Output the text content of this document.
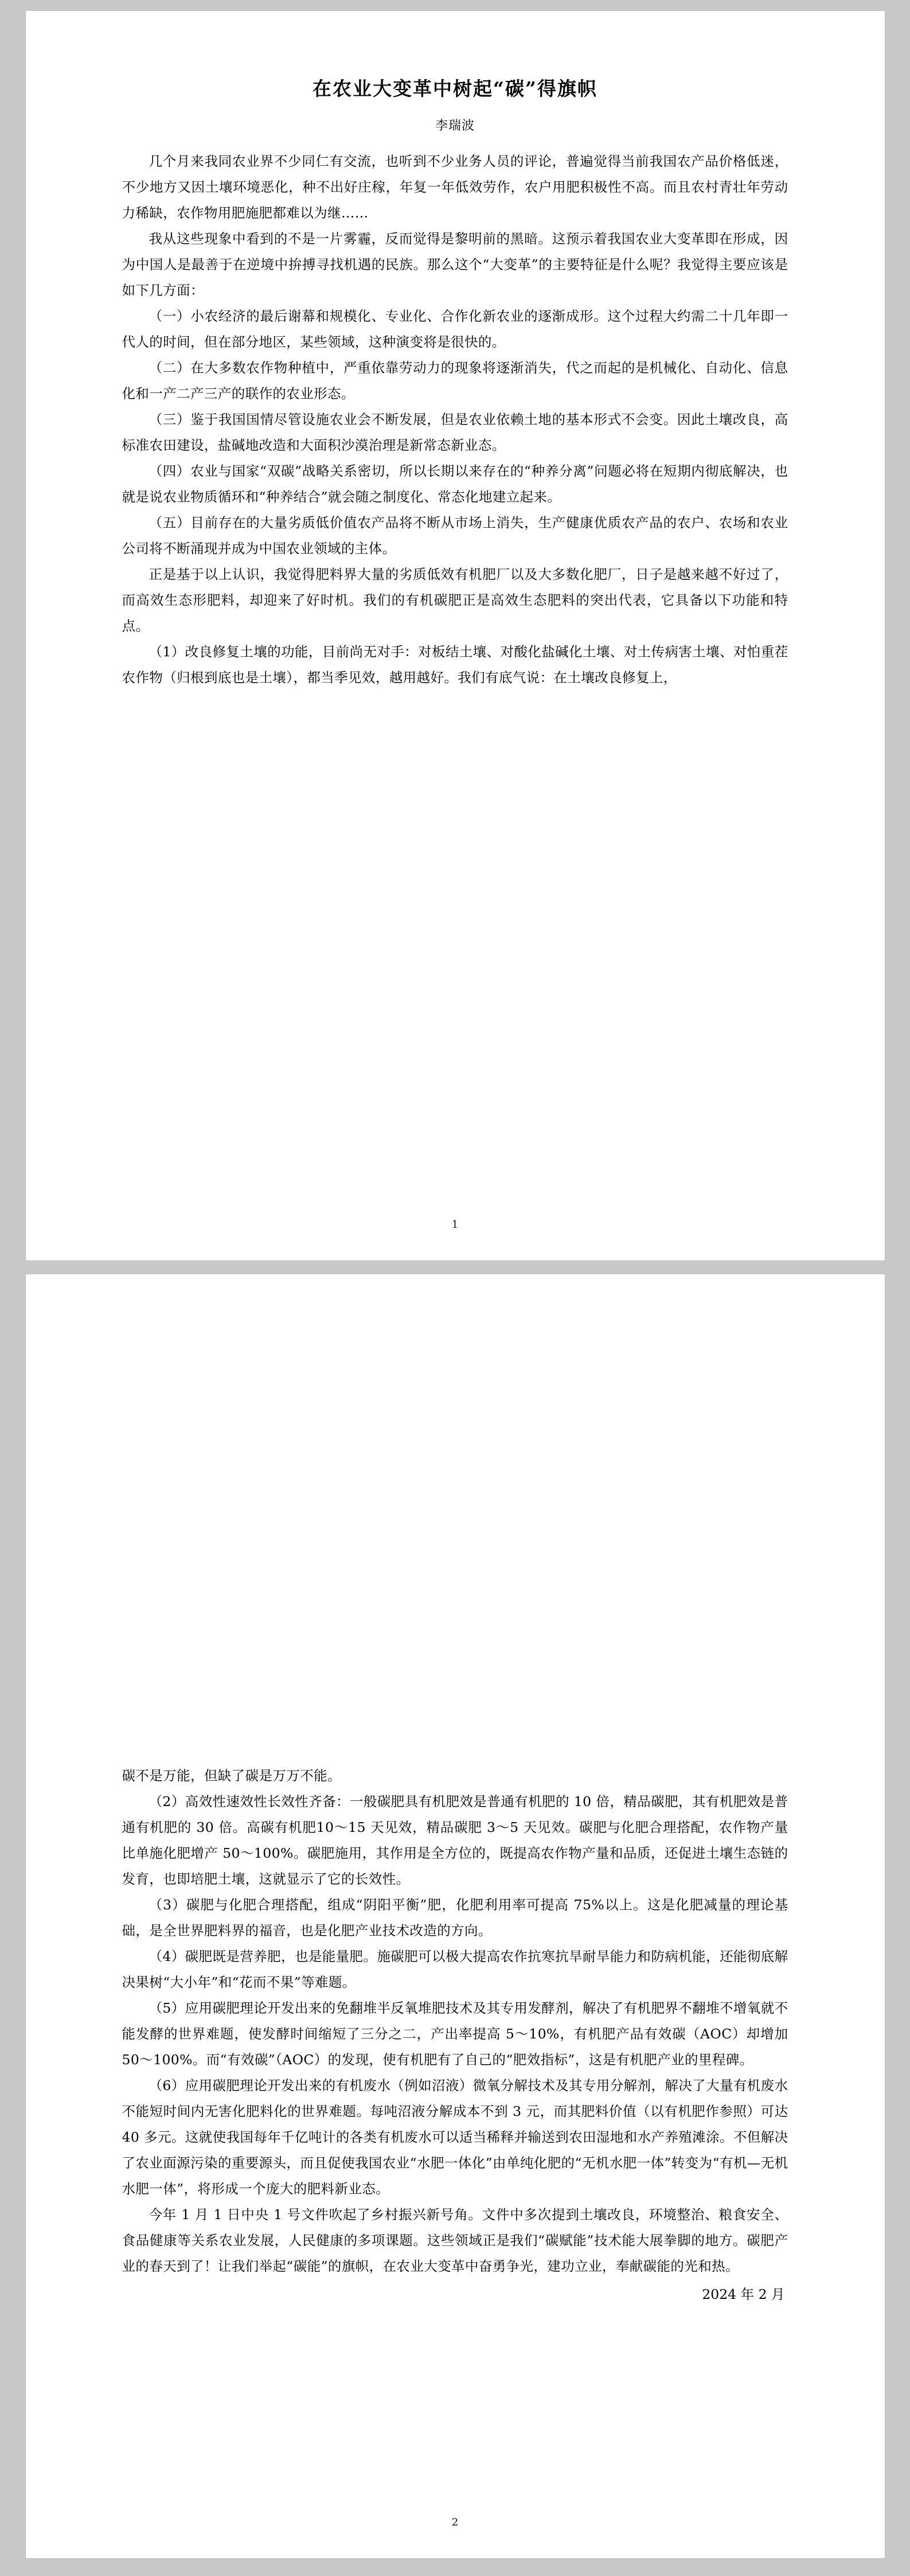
在农业大变革中树起“碳”得旗帜
李瑞波

几个月来我同农业界不少同仁有交流，也听到不少业务人员的评论，普遍觉得当前我国农产品价格低迷，不少地方又因土壤环境恶化，种不出好庄稼，年复一年低效劳作，农户用肥积极性不高。而且农村青壮年劳动力稀缺，农作物用肥施肥都难以为继……

我从这些现象中看到的不是一片雾霾，反而觉得是黎明前的黑暗。这预示着我国农业大变革即在形成，因为中国人是最善于在逆境中拚搏寻找机遇的民族。那么这个“大变革”的主要特征是什么呢？我觉得主要应该是如下几方面：

（一）小农经济的最后谢幕和规模化、专业化、合作化新农业的逐渐成形。这个过程大约需二十几年即一代人的时间，但在部分地区，某些领域，这种演变将是很快的。

（二）在大多数农作物种植中，严重依靠劳动力的现象将逐渐消失，代之而起的是机械化、自动化、信息化和一产二产三产的联作的农业形态。

（三）鉴于我国国情尽管设施农业会不断发展，但是农业依赖土地的基本形式不会变。因此土壤改良，高标准农田建设，盐碱地改造和大面积沙漠治理是新常态新业态。

（四）农业与国家“双碳”战略关系密切，所以长期以来存在的“种养分离”问题必将在短期内彻底解决，也就是说农业物质循环和“种养结合”就会随之制度化、常态化地建立起来。

（五）目前存在的大量劣质低价值农产品将不断从市场上消失，生产健康优质农产品的农户、农场和农业公司将不断涌现并成为中国农业领域的主体。

正是基于以上认识，我觉得肥料界大量的劣质低效有机肥厂以及大多数化肥厂，日子是越来越不好过了，而高效生态形肥料，却迎来了好时机。我们的有机碳肥正是高效生态肥料的突出代表，它具备以下功能和特点。

（1）改良修复土壤的功能，目前尚无对手：对板结土壤、对酸化盐碱化土壤、对土传病害土壤、对怕重茬农作物（归根到底也是土壤），都当季见效，越用越好。我们有底气说：在土壤改良修复上，

1

碳不是万能，但缺了碳是万万不能。

（2）高效性速效性长效性齐备：一般碳肥具有机肥效是普通有机肥的 10 倍，精品碳肥，其有机肥效是普通有机肥的 30 倍。高碳有机肥10～15 天见效，精品碳肥 3～5 天见效。碳肥与化肥合理搭配，农作物产量比单施化肥增产 50～100%。碳肥施用，其作用是全方位的，既提高农作物产量和品质，还促进土壤生态链的发育，也即培肥土壤，这就显示了它的长效性。

（3）碳肥与化肥合理搭配，组成“阴阳平衡”肥，化肥利用率可提高 75%以上。这是化肥减量的理论基础，是全世界肥料界的福音，也是化肥产业技术改造的方向。

（4）碳肥既是营养肥，也是能量肥。施碳肥可以极大提高农作抗寒抗旱耐旱能力和防病机能，还能彻底解决果树“大小年”和“花而不果”等难题。

（5）应用碳肥理论开发出来的免翻堆半反氧堆肥技术及其专用发酵剂，解决了有机肥界不翻堆不增氧就不能发酵的世界难题，使发酵时间缩短了三分之二，产出率提高 5～10%，有机肥产品有效碳（AOC）却增加 50～100%。而“有效碳”（AOC）的发现，使有机肥有了自己的“肥效指标”，这是有机肥产业的里程碑。

（6）应用碳肥理论开发出来的有机废水（例如沼液）微氧分解技术及其专用分解剂，解决了大量有机废水不能短时间内无害化肥料化的世界难题。每吨沼液分解成本不到 3 元，而其肥料价值（以有机肥作参照）可达 40 多元。这就使我国每年千亿吨计的各类有机废水可以适当稀释并输送到农田湿地和水产养殖滩涂。不但解决了农业面源污染的重要源头，而且促使我国农业“水肥一体化”由单纯化肥的“无机水肥一体”转变为“有机—无机水肥一体”，将形成一个庞大的肥料新业态。

今年 1 月 1 日中央 1 号文件吹起了乡村振兴新号角。文件中多次提到土壤改良，环境整治、粮食安全、食品健康等关系农业发展，人民健康的多项课题。这些领域正是我们“碳赋能”技术能大展拳脚的地方。碳肥产业的春天到了！让我们举起“碳能”的旗帜，在农业大变革中奋勇争光，建功立业，奉献碳能的光和热。

2024 年 2 月

2
